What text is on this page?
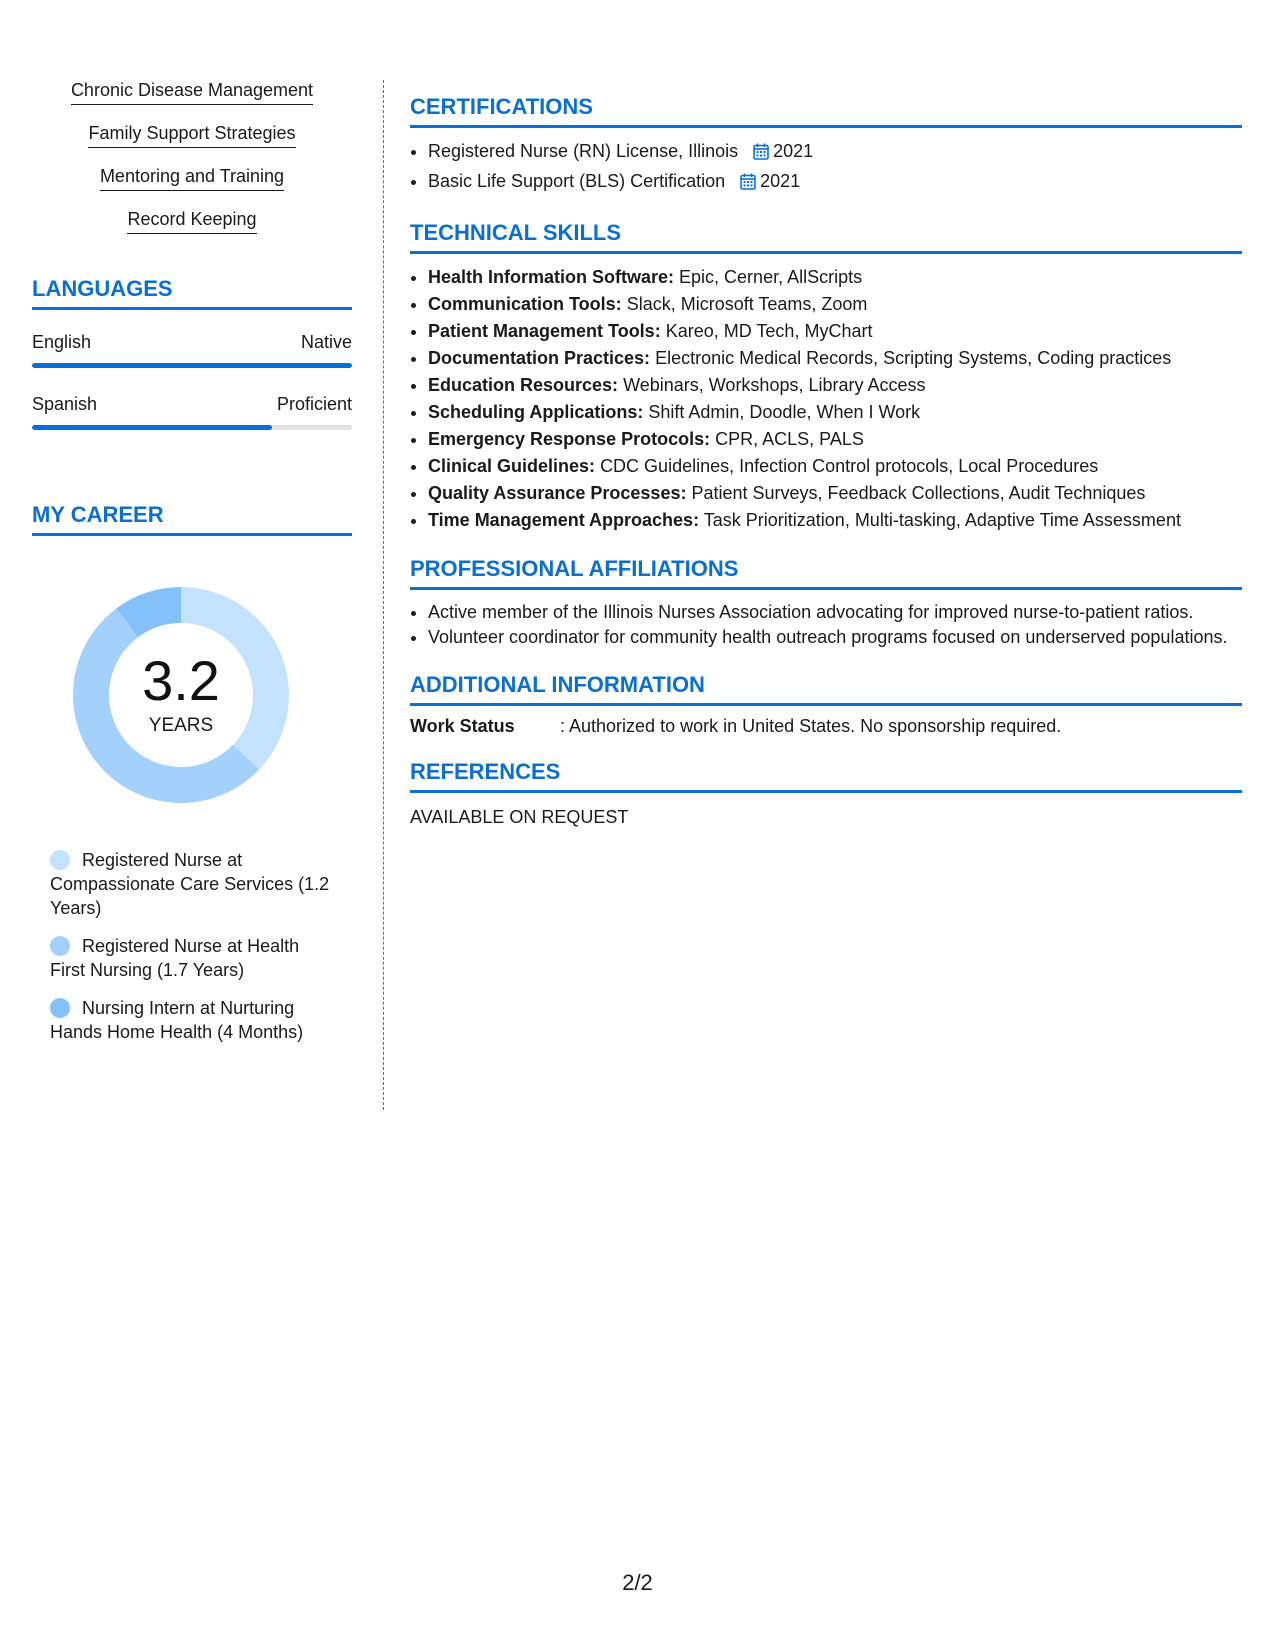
Chronic Disease Management
Family Support Strategies
Mentoring and Training
Record Keeping
LANGUAGES
English	Native
Spanish	Proficient
MY CAREER
3.2
YEARS
Registered Nurse at Compassionate Care Services (1.2 Years)
Registered Nurse at Health First Nursing (1.7 Years)
Nursing Intern at Nurturing Hands Home Health (4 Months)
CERTIFICATIONS
• Registered Nurse (RN) License, Illinois 2021
• Basic Life Support (BLS) Certification 2021
TECHNICAL SKILLS
• Health Information Software: Epic, Cerner, AllScripts
• Communication Tools: Slack, Microsoft Teams, Zoom
• Patient Management Tools: Kareo, MD Tech, MyChart
• Documentation Practices: Electronic Medical Records, Scripting Systems, Coding practices
• Education Resources: Webinars, Workshops, Library Access
• Scheduling Applications: Shift Admin, Doodle, When I Work
• Emergency Response Protocols: CPR, ACLS, PALS
• Clinical Guidelines: CDC Guidelines, Infection Control protocols, Local Procedures
• Quality Assurance Processes: Patient Surveys, Feedback Collections, Audit Techniques
• Time Management Approaches: Task Prioritization, Multi-tasking, Adaptive Time Assessment
PROFESSIONAL AFFILIATIONS
• Active member of the Illinois Nurses Association advocating for improved nurse-to-patient ratios.
• Volunteer coordinator for community health outreach programs focused on underserved populations.
ADDITIONAL INFORMATION
Work Status	: Authorized to work in United States. No sponsorship required.
REFERENCES
AVAILABLE ON REQUEST
2/2
